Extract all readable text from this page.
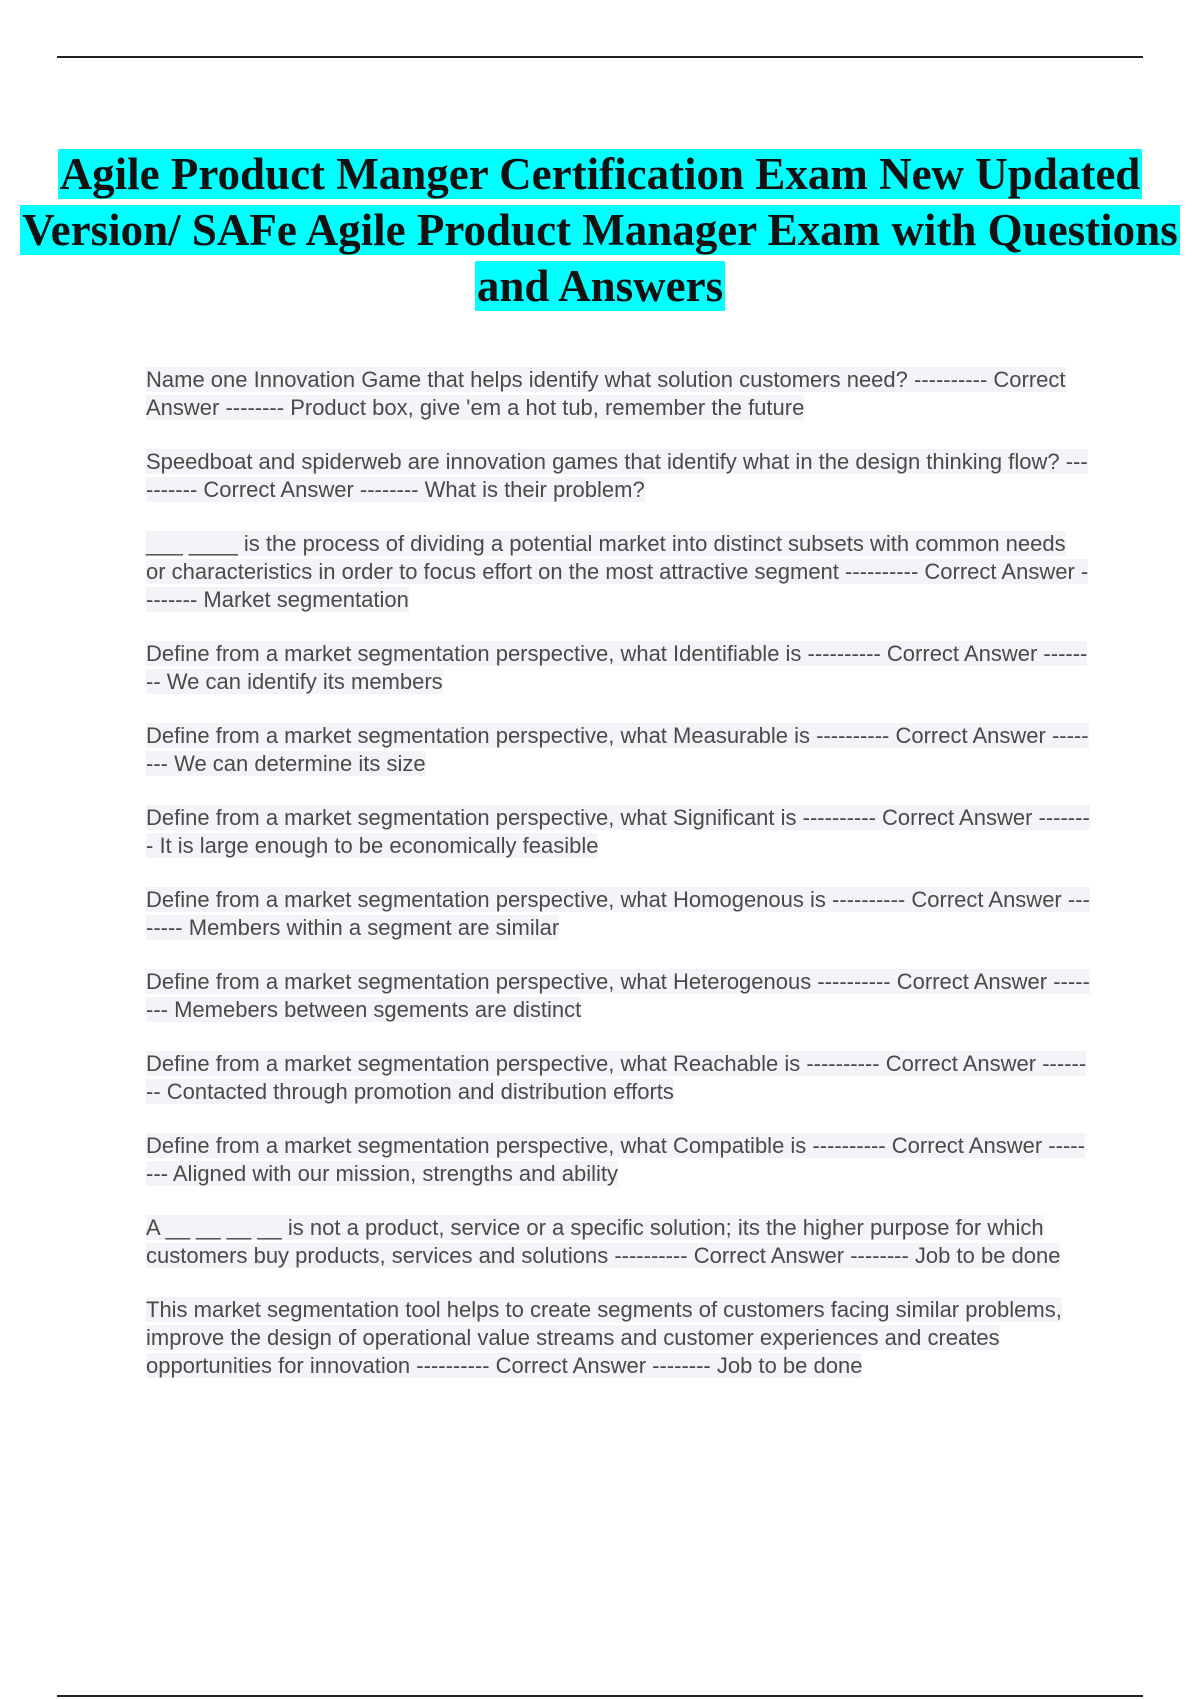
Agile Product Manger Certification Exam New Updated Version/ SAFe Agile Product Manager Exam with Questions and Answers
Name one Innovation Game that helps identify what solution customers need? ---------- Correct Answer -------- Product box, give 'em a hot tub, remember the future
Speedboat and spiderweb are innovation games that identify what in the design thinking flow? ---------- Correct Answer -------- What is their problem?
___ ____ is the process of dividing a potential market into distinct subsets with common needs or characteristics in order to focus effort on the most attractive segment ---------- Correct Answer -------- Market segmentation
Define from a market segmentation perspective, what Identifiable is ---------- Correct Answer -------- We can identify its members
Define from a market segmentation perspective, what Measurable is ---------- Correct Answer -------- We can determine its size
Define from a market segmentation perspective, what Significant is ---------- Correct Answer -------- It is large enough to be economically feasible
Define from a market segmentation perspective, what Homogenous is ---------- Correct Answer -------- Members within a segment are similar
Define from a market segmentation perspective, what Heterogenous ---------- Correct Answer -------- Memebers between sgements are distinct
Define from a market segmentation perspective, what Reachable is ---------- Correct Answer -------- Contacted through promotion and distribution efforts
Define from a market segmentation perspective, what Compatible is ---------- Correct Answer -------- Aligned with our mission, strengths and ability
A __ __ __ __ is not a product, service or a specific solution; its the higher purpose for which customers buy products, services and solutions ---------- Correct Answer -------- Job to be done
This market segmentation tool helps to create segments of customers facing similar problems, improve the design of operational value streams and customer experiences and creates opportunities for innovation ---------- Correct Answer -------- Job to be done
